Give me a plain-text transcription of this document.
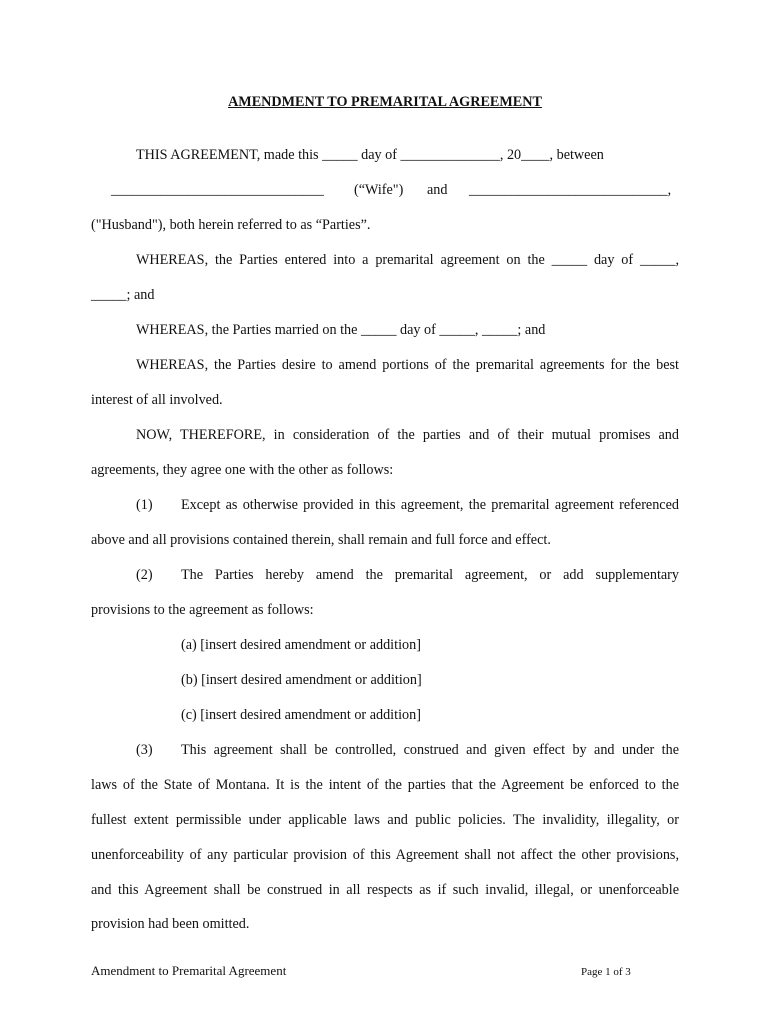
AMENDMENT TO PREMARITAL AGREEMENT
THIS AGREEMENT, made this _____ day of ______________, 20____, between
______________________________ (“Wife") and ____________________________,
("Husband"), both herein referred to as “Parties”.
WHEREAS, the Parties entered into a premarital agreement on the _____ day of _____,
_____; and
WHEREAS, the Parties married on the _____ day of _____, _____; and
WHEREAS, the Parties desire to amend portions of the premarital agreements for the best
interest of all involved.
NOW, THEREFORE, in consideration of the parties and of their mutual promises and
agreements, they agree one with the other as follows:
(1) Except as otherwise provided in this agreement, the premarital agreement referenced
above and all provisions contained therein, shall remain and full force and effect.
(2) The Parties hereby amend the premarital agreement, or add supplementary
provisions to the agreement as follows:
(a) [insert desired amendment or addition]
(b) [insert desired amendment or addition]
(c) [insert desired amendment or addition]
(3) This agreement shall be controlled, construed and given effect by and under the
laws of the State of Montana. It is the intent of the parties that the Agreement be enforced to the
fullest extent permissible under applicable laws and public policies. The invalidity, illegality, or
unenforceability of any particular provision of this Agreement shall not affect the other provisions,
and this Agreement shall be construed in all respects as if such invalid, illegal, or unenforceable
provision had been omitted.
Amendment to Premarital Agreement	Page 1 of 3
